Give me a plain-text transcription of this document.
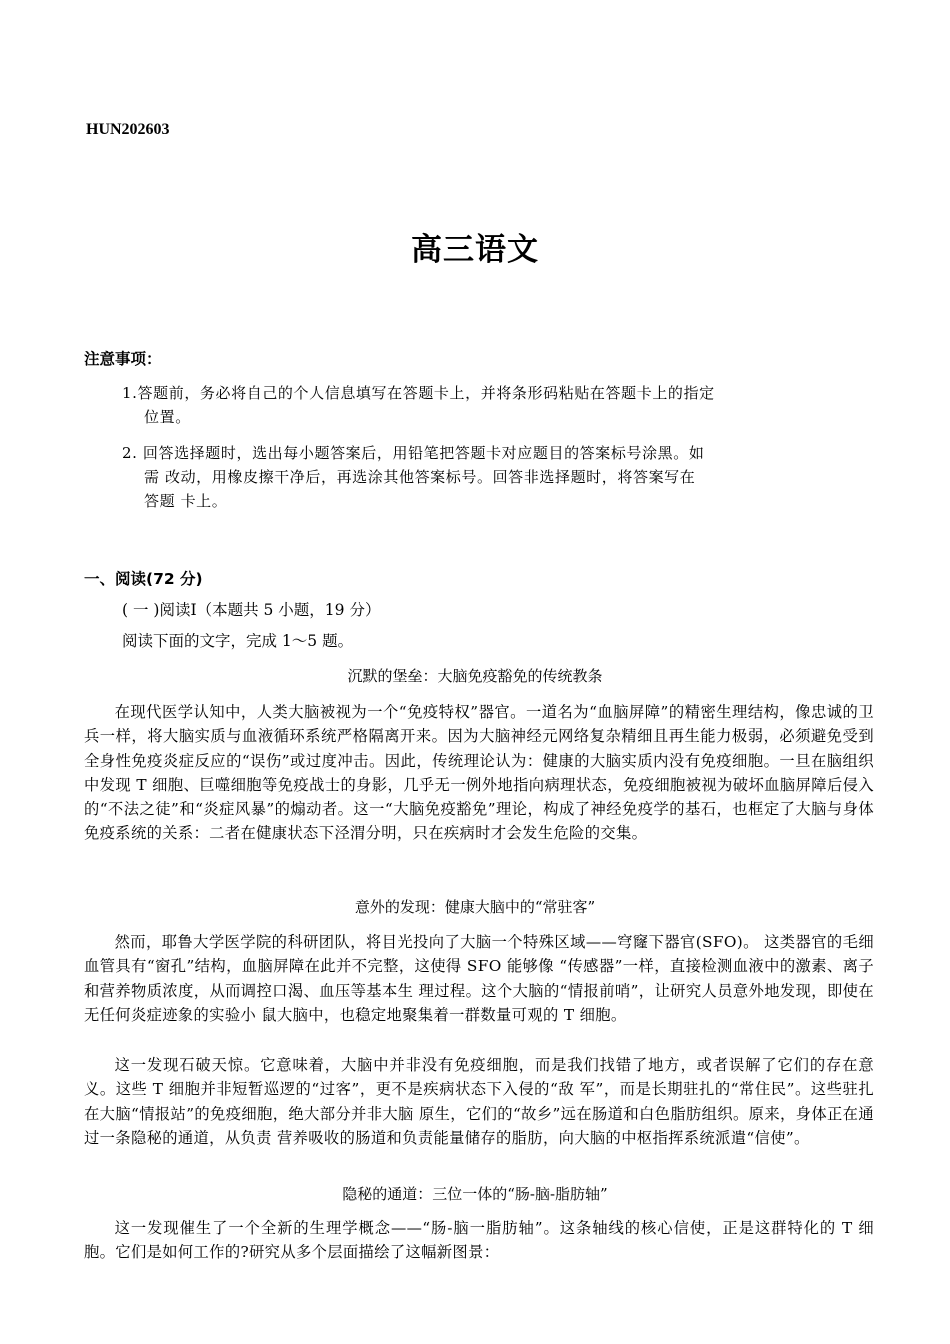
HUN202603
高三语文
注意事项：
1.答题前，务必将自己的个人信息填写在答题卡上，并将条形码粘贴在答题卡上的指定
位置。
2. 回答选择题时，选出每小题答案后，用铅笔把答题卡对应题目的答案标号涂黑。如
需 改动，用橡皮擦干净后，再选涂其他答案标号。回答非选择题时，将答案写在
答题 卡上。
一、阅读(72 分)
( 一 )阅读Ⅰ（本题共 5 小题，19 分）
阅读下面的文字，完成 1～5 题。
沉默的堡垒：大脑免疫豁免的传统教条
在现代医学认知中，人类大脑被视为一个“免疫特权”器官。一道名为“血脑屏障”的精密生理结构，像忠诚的卫兵一样，将大脑实质与血液循环系统严格隔离开来。因为大脑神经元网络复杂精细且再生能力极弱，必须避免受到全身性免疫炎症反应的“误伤”或过度冲击。因此，传统理论认为：健康的大脑实质内没有免疫细胞。一旦在脑组织中发现 T 细胞、巨噬细胞等免疫战士的身影，几乎无一例外地指向病理状态，免疫细胞被视为破坏血脑屏障后侵入的“不法之徒”和“炎症风暴”的煽动者。这一“大脑免疫豁免”理论，构成了神经免疫学的基石，也框定了大脑与身体免疫系统的关系：二者在健康状态下泾渭分明，只在疾病时才会发生危险的交集。
意外的发现：健康大脑中的“常驻客”
然而，耶鲁大学医学院的科研团队，将目光投向了大脑一个特殊区域——穹窿下器官(SFO)。 这类器官的毛细血管具有“窗孔”结构，血脑屏障在此并不完整，这使得 SFO 能够像 “传感器”一样，直接检测血液中的激素、离子和营养物质浓度，从而调控口渴、血压等基本生 理过程。这个大脑的“情报前哨”，让研究人员意外地发现，即使在无任何炎症迹象的实验小 鼠大脑中，也稳定地聚集着一群数量可观的 T 细胞。
这一发现石破天惊。它意味着，大脑中并非没有免疫细胞，而是我们找错了地方，或者误解了它们的存在意义。这些 T 细胞并非短暂巡逻的“过客”，更不是疾病状态下入侵的“敌 军”，而是长期驻扎的“常住民”。这些驻扎在大脑“情报站”的免疫细胞，绝大部分并非大脑 原生，它们的“故乡”远在肠道和白色脂肪组织。原来，身体正在通过一条隐秘的通道，从负责 营养吸收的肠道和负责能量储存的脂肪，向大脑的中枢指挥系统派遣“信使”。
隐秘的通道：三位一体的“肠-脑-脂肪轴”
这一发现催生了一个全新的生理学概念——“肠-脑一脂肪轴”。这条轴线的核心信使，正是这群特化的 T 细胞。它们是如何工作的?研究从多个层面描绘了这幅新图景：
